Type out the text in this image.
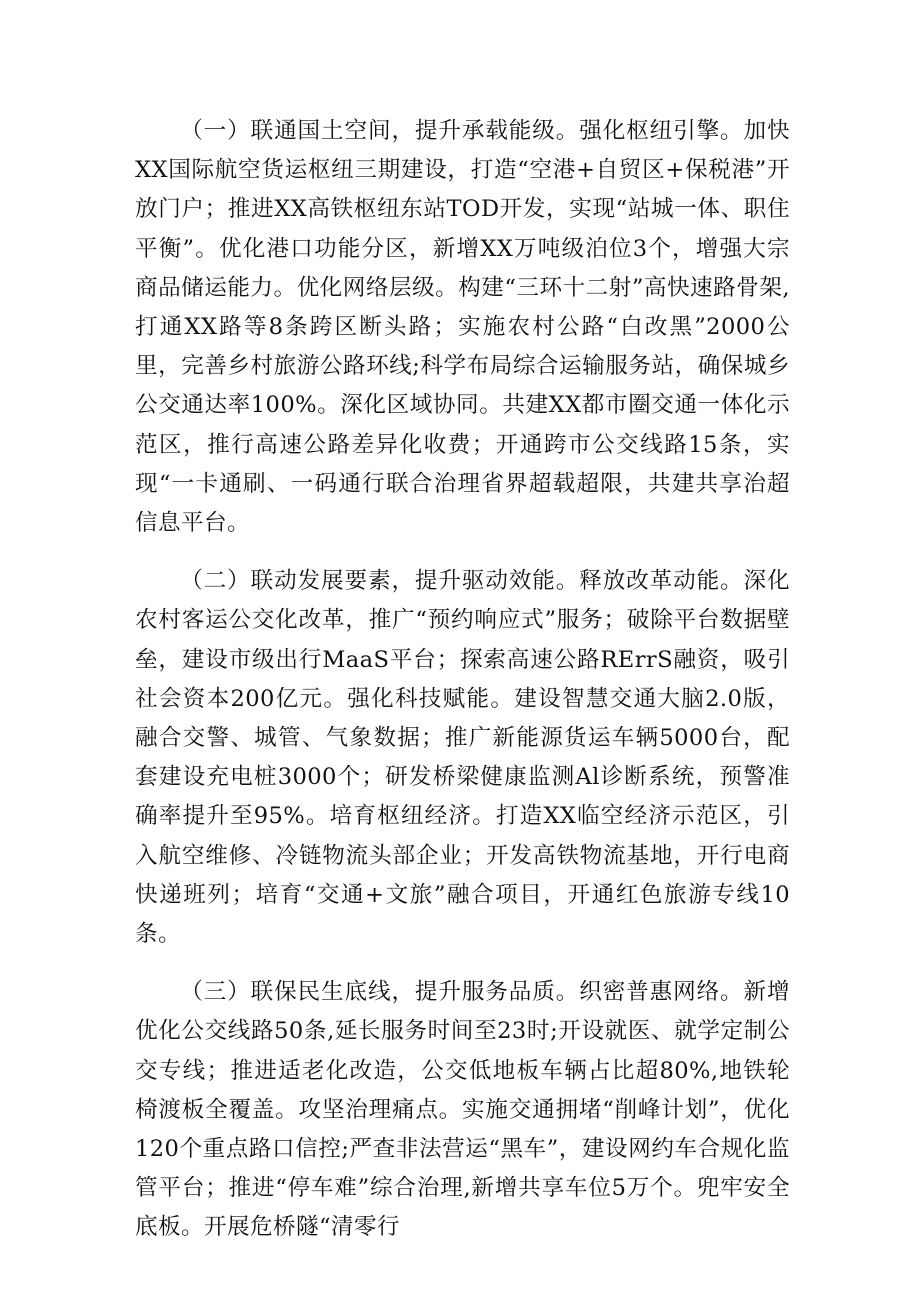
（一）联通国土空间，提升承载能级。强化枢纽引擎。加快XX国际航空货运枢纽三期建设，打造“空港+自贸区+保税港”开放门户；推进XX高铁枢纽东站TOD开发，实现“站城一体、职住平衡”。优化港口功能分区，新增XX万吨级泊位3个，增强大宗商品储运能力。优化网络层级。构建“三环十二射”高快速路骨架,打通XX路等8条跨区断头路；实施农村公路“白改黑”2000公里，完善乡村旅游公路环线;科学布局综合运输服务站，确保城乡公交通达率100%。深化区域协同。共建XX都市圈交通一体化示范区，推行高速公路差异化收费；开通跨市公交线路15条，实现“一卡通刷、一码通行联合治理省界超载超限，共建共享治超信息平台。

（二）联动发展要素，提升驱动效能。释放改革动能。深化农村客运公交化改革，推广“预约响应式”服务；破除平台数据壁垒，建设市级出行MaaS平台；探索高速公路RErrS融资，吸引社会资本200亿元。强化科技赋能。建设智慧交通大脑2.0版，融合交警、城管、气象数据；推广新能源货运车辆5000台，配套建设充电桩3000个；研发桥梁健康监测Al诊断系统，预警准确率提升至95%。培育枢纽经济。打造XX临空经济示范区，引入航空维修、冷链物流头部企业；开发高铁物流基地，开行电商快递班列；培育“交通+文旅”融合项目，开通红色旅游专线10条。

（三）联保民生底线，提升服务品质。织密普惠网络。新增优化公交线路50条,延长服务时间至23时;开设就医、就学定制公交专线；推进适老化改造，公交低地板车辆占比超80%,地铁轮椅渡板全覆盖。攻坚治理痛点。实施交通拥堵“削峰计划”，优化120个重点路口信控;严查非法营运“黑车”，建设网约车合规化监管平台；推进“停车难”综合治理,新增共享车位5万个。兜牢安全底板。开展危桥隧“清零行
